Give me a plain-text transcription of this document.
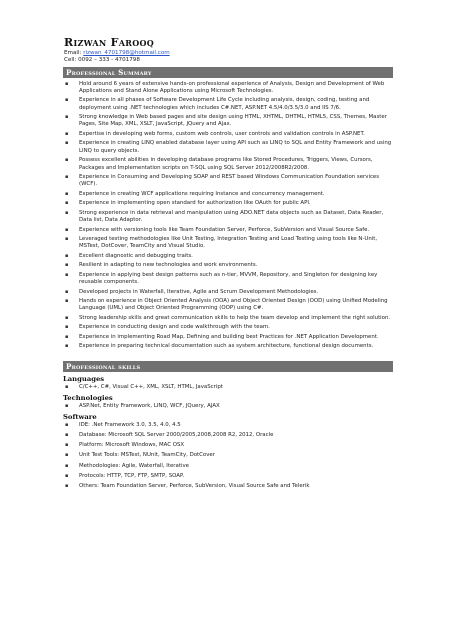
Rizwan Farooq
Email: rizwan_4701798@hotmail.com
Cell: 0092 – 333 - 4701798
Professional Summary
▪ Hold around 6 years of extensive hands-on professional experience of Analysis, Design and Development of Web Applications and Stand Alone Applications using Microsoft Technologies.
▪ Experience in all phases of Software Development Life Cycle including analysis, design, coding, testing and deployment using .NET technologies which includes C#.NET, ASP.NET 4.5/4.0/3.5/3.0 and IIS 7/6.
▪ Strong knowledge in Web based pages and site design using HTML, XHTML, DHTML, HTML5, CSS, Themes, Master Pages, Site Map, XML, XSLT, JavaScript, JQuery and Ajax.
▪ Expertise in developing web forms, custom web controls, user controls and validation controls in ASP.NET.
▪ Experience in creating LINQ enabled database layer using API such as LINQ to SQL and Entity Framework and using LINQ to query objects.
▪ Possess excellent abilities in developing database programs like Stored Procedures, Triggers, Views, Cursors, Packages and Implementation scripts on T-SQL using SQL Server 2012/2008R2/2008.
▪ Experience in Consuming and Developing SOAP and REST based Windows Communication Foundation services (WCF).
▪ Experience in creating WCF applications requiring Instance and concurrency management.
▪ Experience in implementing open standard for authorization like OAuth for public API.
▪ Strong experience in data retrieval and manipulation using ADO.NET data objects such as Dataset, Data Reader, Data list, Data Adaptor.
▪ Experience with versioning tools like Team Foundation Server, Perforce, SubVersion and Visual Source Safe.
▪ Leveraged testing methodologies like Unit Testing, Integration Testing and Load Testing using tools like N-Unit, MSTest, DotCover, TeamCity and Visual Studio.
▪ Excellent diagnostic and debugging traits.
▪ Resilient in adapting to new technologies and work environments.
▪ Experience in applying best design patterns such as n-tier, MVVM, Repository, and Singleton for designing key reusable components.
▪ Developed projects in Waterfall, Iterative, Agile and Scrum Development Methodologies.
▪ Hands on experience in Object Oriented Analysis (OOA) and Object Oriented Design (OOD) using Unified Modeling Language (UML) and Object Oriented Programming (OOP) using C#.
▪ Strong leadership skills and great communication skills to help the team develop and implement the right solution.
▪ Experience in conducting design and code walkthrough with the team.
▪ Experience in implementing Road Map, Defining and building best Practices for .NET Application Development.
▪ Experience in preparing technical documentation such as system architecture, functional design documents.
Professional skills
Languages
▪ C/C++, C#, Visual C++, XML, XSLT, HTML, JavaScript
Technologies
▪ ASP.Net, Entity Framework, LINQ, WCF, JQuery, AJAX
Software
▪ IDE: .Net Framework 3.0, 3.5, 4.0, 4.5
▪ Database: Microsoft SQL Server 2000/2005,2008,2008 R2, 2012, Oracle
▪ Platform: Microsoft Windows, MAC OSX
▪ Unit Test Tools: MSTest, NUnit, TeamCity, DotCover
▪ Methodologies: Agile, Waterfall, Iterative
▪ Protocols: HTTP, TCP, FTP, SMTP, SOAP.
▪ Others: Team Foundation Server, Perforce, SubVersion, Visual Source Safe and Telerik
